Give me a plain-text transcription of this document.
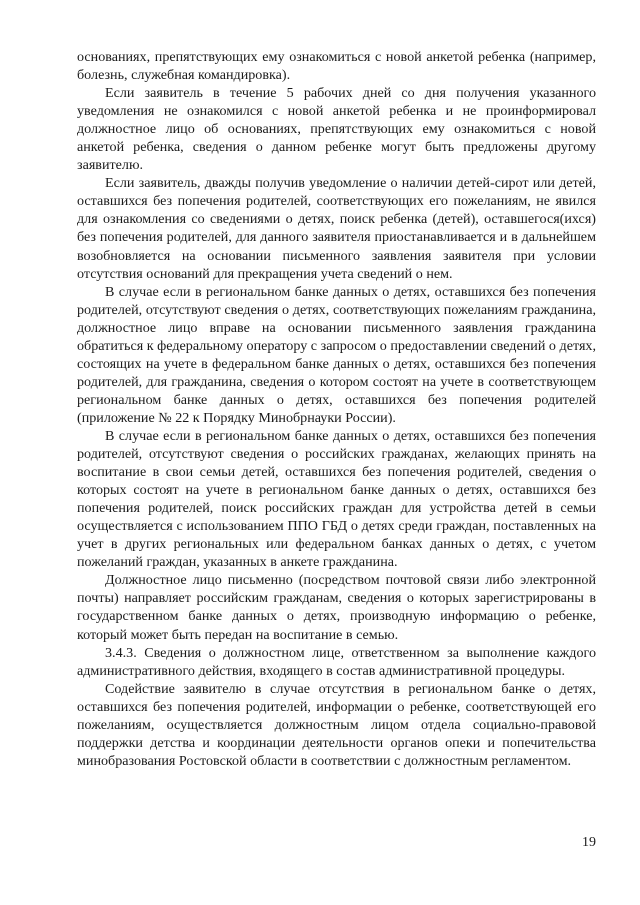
основаниях, препятствующих ему ознакомиться с новой анкетой ребенка (например, болезнь, служебная командировка).

Если заявитель в течение 5 рабочих дней со дня получения указанного уведомления не ознакомился с новой анкетой ребенка и не проинформировал должностное лицо об основаниях, препятствующих ему ознакомиться с новой анкетой ребенка, сведения о данном ребенке могут быть предложены другому заявителю.

Если заявитель, дважды получив уведомление о наличии детей-сирот или детей, оставшихся без попечения родителей, соответствующих его пожеланиям, не явился для ознакомления со сведениями о детях, поиск ребенка (детей), оставшегося(ихся) без попечения родителей, для данного заявителя приостанавливается и в дальнейшем возобновляется на основании письменного заявления заявителя при условии отсутствия оснований для прекращения учета сведений о нем.

В случае если в региональном банке данных о детях, оставшихся без попечения родителей, отсутствуют сведения о детях, соответствующих пожеланиям гражданина, должностное лицо вправе на основании письменного заявления гражданина обратиться к федеральному оператору с запросом о предоставлении сведений о детях, состоящих на учете в федеральном банке данных о детях, оставшихся без попечения родителей, для гражданина, сведения о котором состоят на учете в соответствующем региональном банке данных о детях, оставшихся без попечения родителей (приложение № 22 к Порядку Минобрнауки России).

В случае если в региональном банке данных о детях, оставшихся без попечения родителей, отсутствуют сведения о российских гражданах, желающих принять на воспитание в свои семьи детей, оставшихся без попечения родителей, сведения о которых состоят на учете в региональном банке данных о детях, оставшихся без попечения родителей, поиск российских граждан для устройства детей в семьи осуществляется с использованием ППО ГБД о детях среди граждан, поставленных на учет в других региональных или федеральном банках данных о детях, с учетом пожеланий граждан, указанных в анкете гражданина.

Должностное лицо письменно (посредством почтовой связи либо электронной почты) направляет российским гражданам, сведения о которых зарегистрированы в государственном банке данных о детях, производную информацию о ребенке, который может быть передан на воспитание в семью.

3.4.3. Сведения о должностном лице, ответственном за выполнение каждого административного действия, входящего в состав административной процедуры.

Содействие заявителю в случае отсутствия в региональном банке о детях, оставшихся без попечения родителей, информации о ребенке, соответствующей его пожеланиям, осуществляется должностным лицом отдела социально-правовой поддержки детства и координации деятельности органов опеки и попечительства минобразования Ростовской области в соответствии с должностным регламентом.

19
